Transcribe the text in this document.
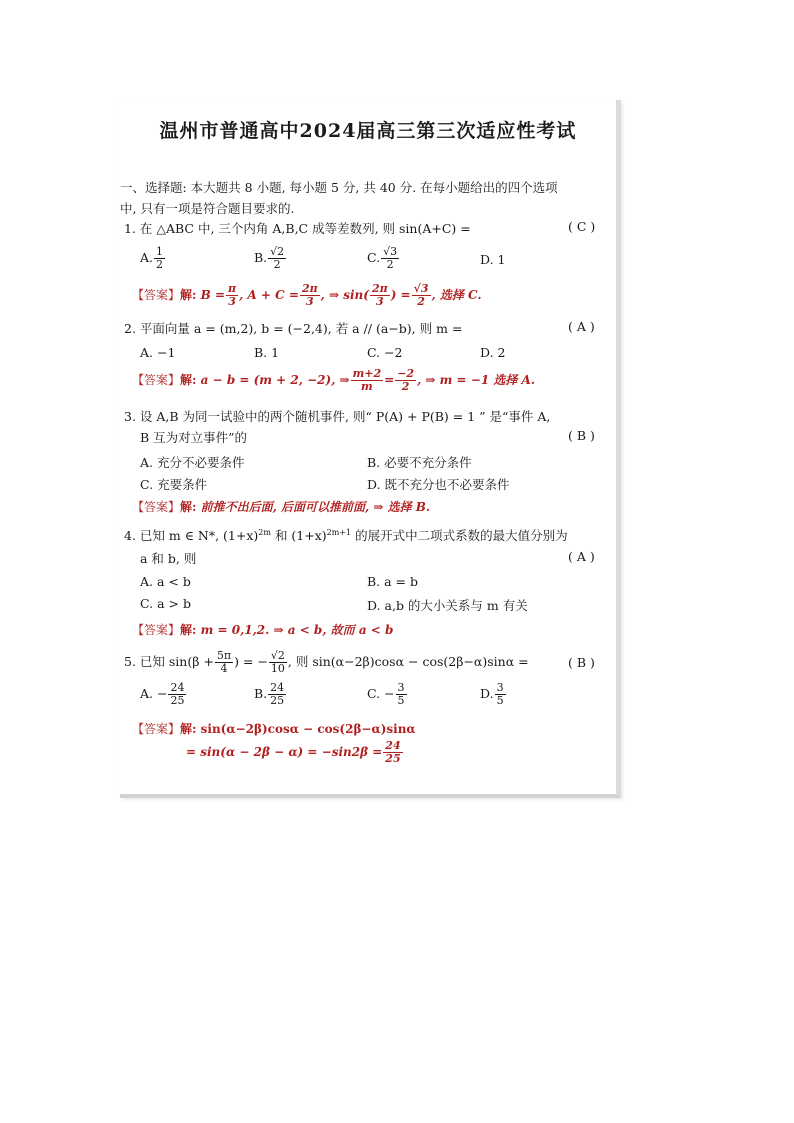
温州市普通高中2024届高三第三次适应性考试
一、选择题: 本大题共 8 小题, 每小题 5 分, 共 40 分. 在每小题给出的四个选项
中, 只有一项是符合题目要求的.
1. 在 △ABC 中, 三个内角 A,B,C 成等差数列, 则 sin(A+C) =	( C )
A. $\frac{1}{2}$	B. $\frac{√2}{2}$	C. $\frac{√3}{2}$	D. 1
【答案】解: $B = \frac{\pi}{3}$ , $A + C = \frac{2\pi}{3}$ , ⇒ $\sin( \frac{2\pi}{3}$ ) = $\frac{√3}{2}$ , 选择 C.
2. 平面向量 a = (m,2), b = (−2,4), 若 a // (a−b), 则 m =	( A )
A. −1	B. 1	C. −2	D. 2
【答案】解: a − b = (m + 2, −2), ⇒ $\frac{m+2}{m} = \frac{-2}{2}$ , ⇒ m = −1 选择 A.
3. 设 A,B 为同一试验中的两个随机事件, 则“ P(A) + P(B) = 1 ” 是“事件 A,
B 互为对立事件”的	( B )
A. 充分不必要条件	B. 必要不充分条件
C. 充要条件	D. 既不充分也不必要条件
【答案】解: 前推不出后面, 后面可以推前面, ⇒ 选择 B.
4. 已知 m ∈ N*, $(1+x)^{2m}$ 和 $(1+x)^{2m+1}$ 的展开式中二项式系数的最大值分别为
a 和 b, 则	( A )
A. a < b	B. a = b
C. a > b	D. a,b 的大小关系与 m 有关
【答案】解: m = 0,1,2. ⇒ a < b, 故而 a < b
5. 已知 $\sin(\beta + \frac{5\pi}{4}$ ) = − $\frac{√2}{10}$ , 则 sin(α−2β)cosα − cos(2β−α)sinα =	( B )
A. − $\frac{24}{25}$	B. $\frac{24}{25}$	C. − $\frac{3}{5}$	D. $\frac{3}{5}$
【答案】解: sin(α−2β)cosα − cos(2β−α)sinα
= $\sin(\alpha - 2\beta - \alpha) = -\sin 2\beta = \frac{24}{25}$
